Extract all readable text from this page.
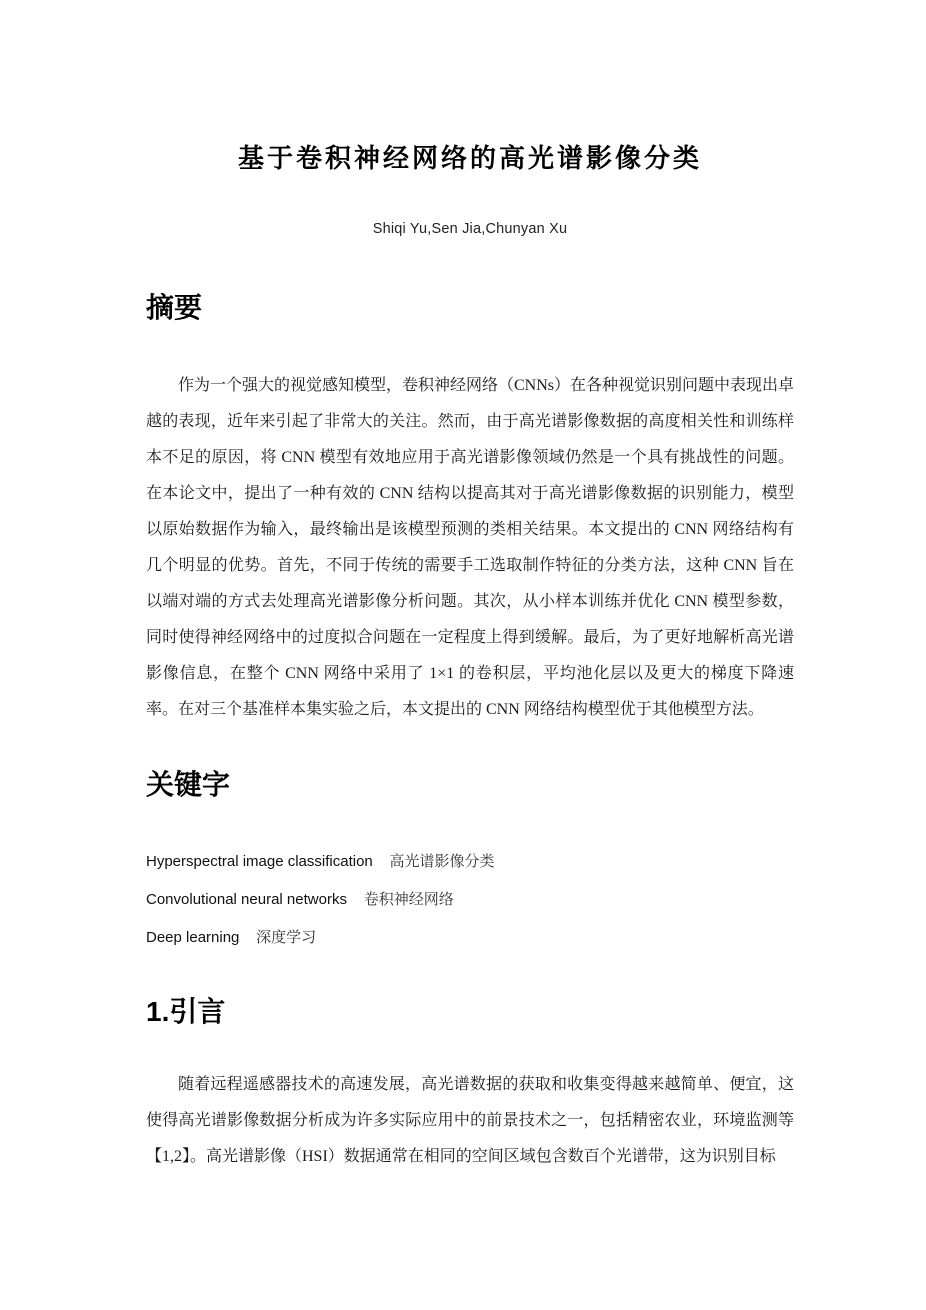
基于卷积神经网络的高光谱影像分类

Shiqi Yu,Sen Jia,Chunyan Xu

摘要

作为一个强大的视觉感知模型，卷积神经网络（CNNs）在各种视觉识别问题中表现出卓越的表现，近年来引起了非常大的关注。然而，由于高光谱影像数据的高度相关性和训练样本不足的原因，将 CNN 模型有效地应用于高光谱影像领域仍然是一个具有挑战性的问题。在本论文中，提出了一种有效的 CNN 结构以提高其对于高光谱影像数据的识别能力，模型以原始数据作为输入，最终输出是该模型预测的类相关结果。本文提出的 CNN 网络结构有几个明显的优势。首先，不同于传统的需要手工选取制作特征的分类方法，这种 CNN 旨在以端对端的方式去处理高光谱影像分析问题。其次，从小样本训练并优化 CNN 模型参数，同时使得神经网络中的过度拟合问题在一定程度上得到缓解。最后，为了更好地解析高光谱影像信息，在整个 CNN 网络中采用了 1×1 的卷积层，平均池化层以及更大的梯度下降速率。在对三个基准样本集实验之后，本文提出的 CNN 网络结构模型优于其他模型方法。

关键字
Hyperspectral image classification 高光谱影像分类
Convolutional neural networks 卷积神经网络
Deep learning 深度学习
1.引言

随着远程遥感器技术的高速发展，高光谱数据的获取和收集变得越来越简单、便宜，这使得高光谱影像数据分析成为许多实际应用中的前景技术之一，包括精密农业，环境监测等【1,2】。高光谱影像（HSI）数据通常在相同的空间区域包含数百个光谱带，这为识别目标
